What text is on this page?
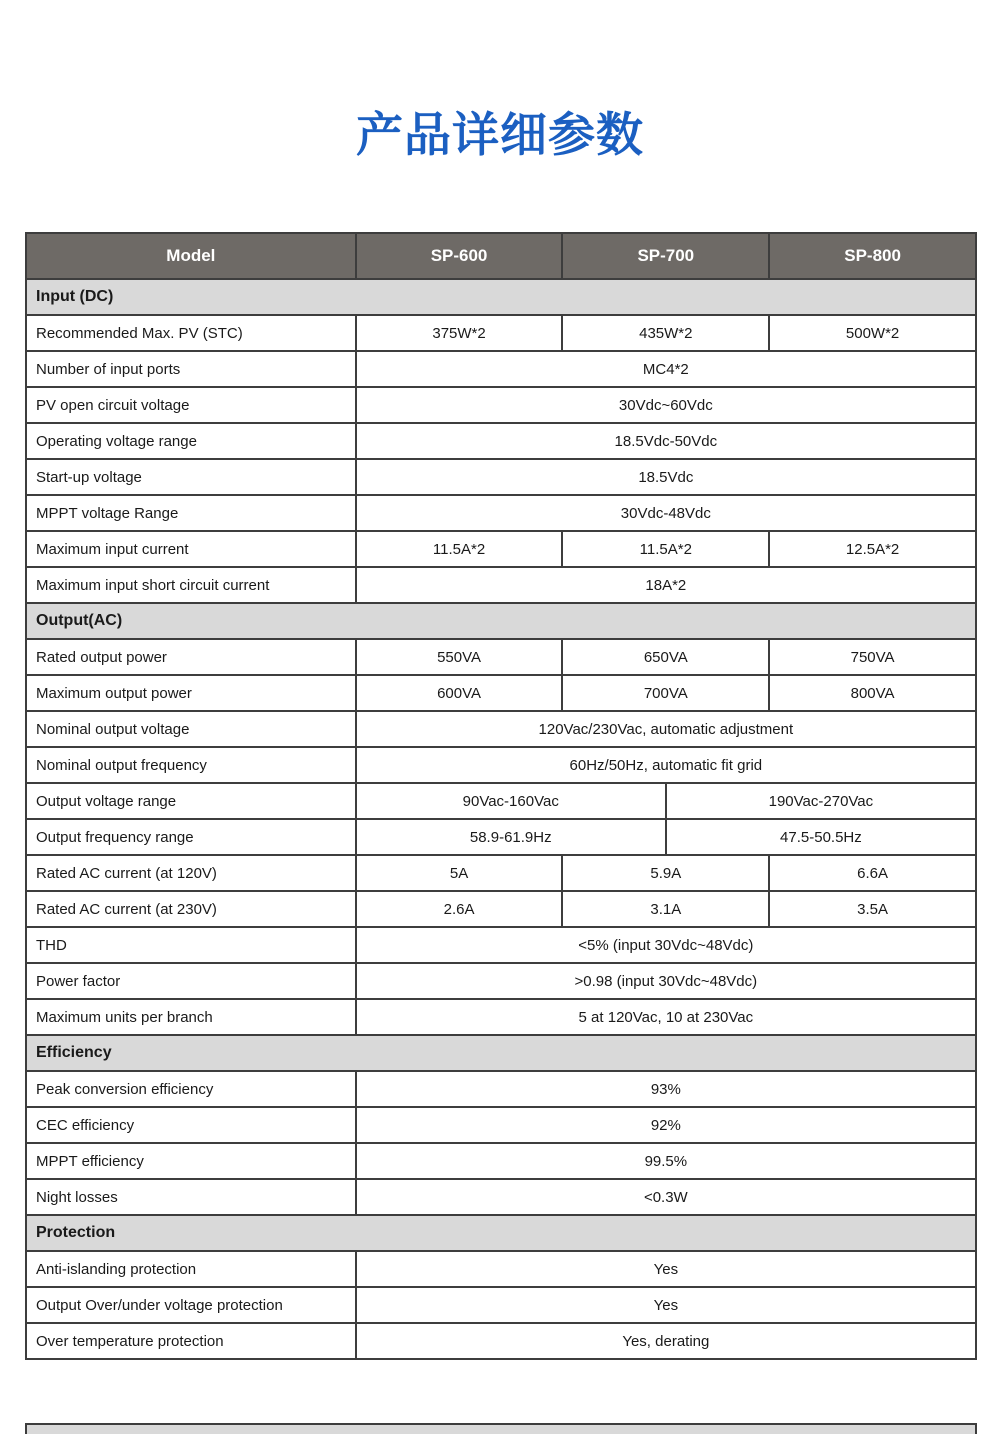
产品详细参数
Model	SP-600	SP-700		SP-800
Input (DC)				
Recommended Max. PV (STC)	375W*2	435W*2		500W*2
Number of input ports	MC4*2			
PV open circuit voltage	30Vdc~60Vdc			
Operating voltage range	18.5Vdc-50Vdc			
Start-up voltage	18.5Vdc			
MPPT voltage Range	30Vdc-48Vdc			
Maximum input current	11.5A*2	11.5A*2		12.5A*2
Maximum input short circuit current	18A*2			
Output(AC)				
Rated output power	550VA	650VA		750VA
Maximum output power	600VA	700VA		800VA
Nominal output voltage	120Vac/230Vac, automatic adjustment			
Nominal output frequency	60Hz/50Hz, automatic fit grid			
Output voltage range	90Vac-160Vac		190Vac-270Vac	
Output frequency range	58.9-61.9Hz		47.5-50.5Hz	
Rated AC current (at 120V)	5A	5.9A		6.6A
Rated AC current (at 230V)	2.6A	3.1A		3.5A
THD	<5% (input 30Vdc~48Vdc)			
Power factor	>0.98 (input 30Vdc~48Vdc)			
Maximum units per branch	5 at 120Vac, 10 at 230Vac			
Efficiency				
Peak conversion efficiency	93%			
CEC efficiency	92%			
MPPT efficiency	99.5%			
Night losses	<0.3W			
Protection				
Anti-islanding protection	Yes			
Output Over/under voltage protection	Yes			
Over temperature protection	Yes, derating			
